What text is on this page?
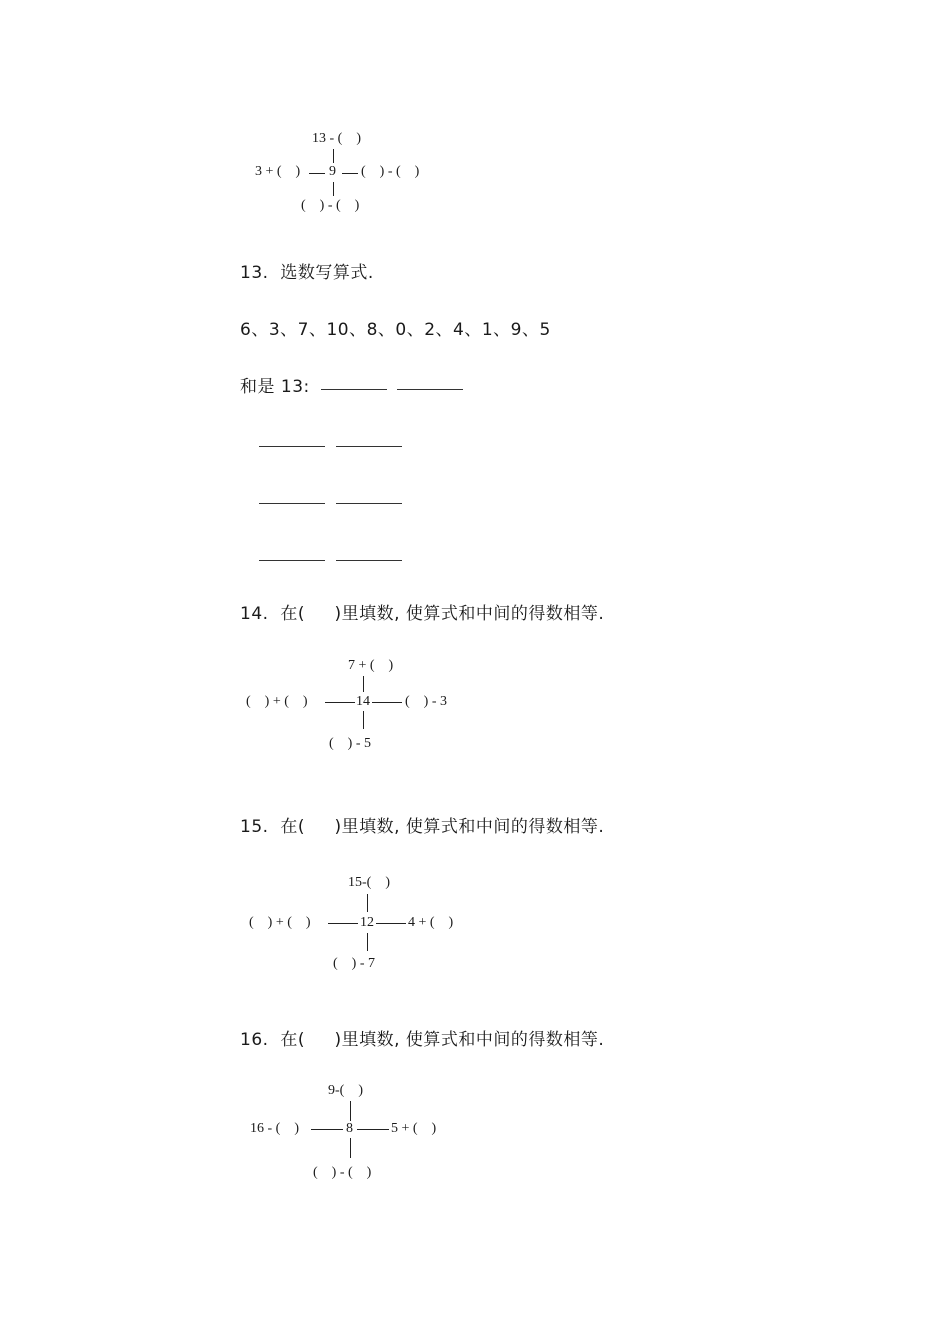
13 - (    )
3 + (    ) 9 (    ) - (    )
(    ) - (    )
13.  选数写算式.
6、3、7、10、8、0、2、4、1、9、5
和是 13:
14.  在(     )里填数, 使算式和中间的得数相等.
7 + (    )
(    ) + (    )	14	(    ) - 3
(    ) - 5
15.  在(     )里填数, 使算式和中间的得数相等.
15-(    )
(    ) + (    )	12 4 + (    )
(    ) - 7
16.  在(     )里填数, 使算式和中间的得数相等.
9-(    )
16 - (    )	8	5 + (    )
(    ) - (    )
